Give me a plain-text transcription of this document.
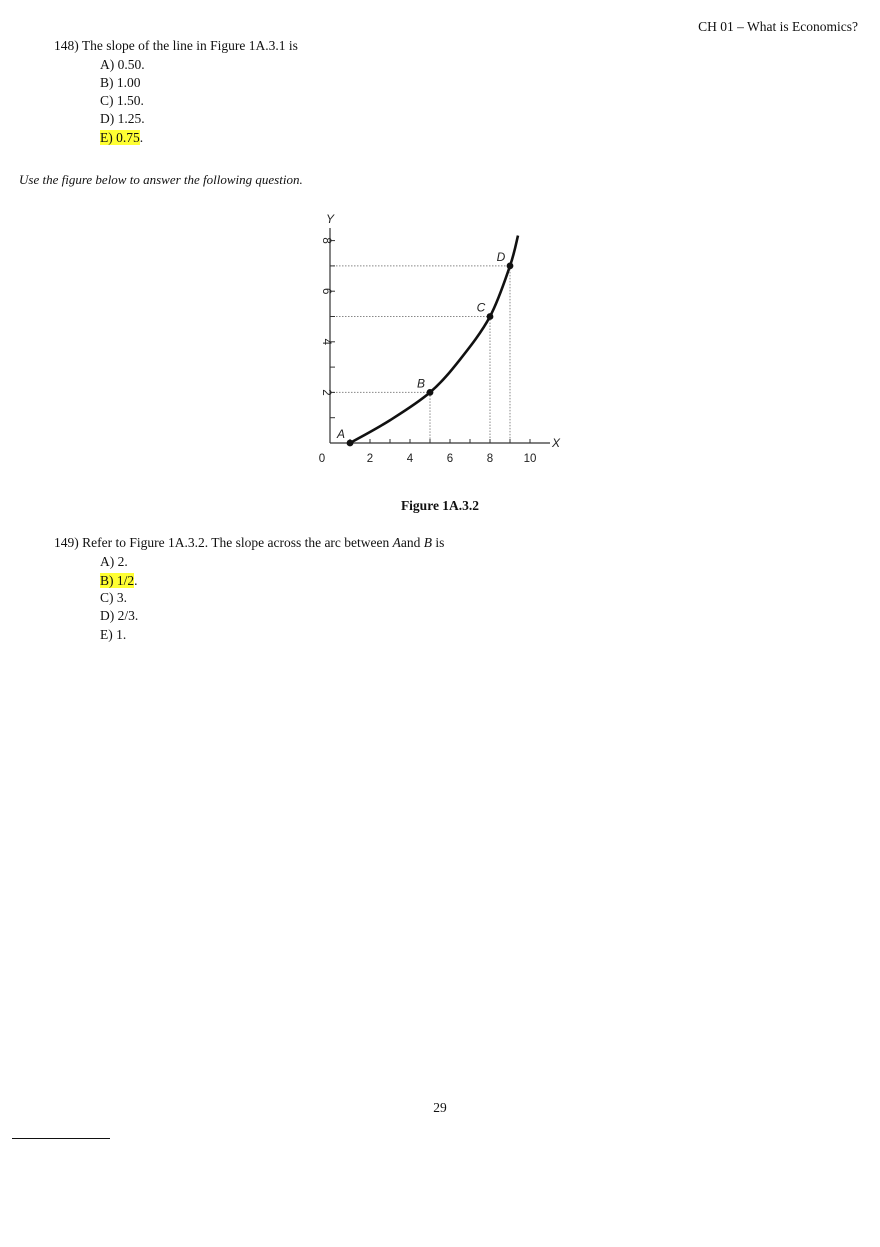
CH 01 – What is Economics?
148) The slope of the line in Figure 1A.3.1 is
A) 0.50.
B) 1.00
C) 1.50.
D) 1.25.
E) 0.75.
Use the figure below to answer the following question.
2	4	6	8	10
2
4
6
8
0
X
Y
A
B
C
D
Figure 1A.3.2
149) Refer to Figure 1A.3.2. The slope across the arc between Aand B is
A) 2.
B) 1/2.
C) 3.
D) 2/3.
E) 1.
29
